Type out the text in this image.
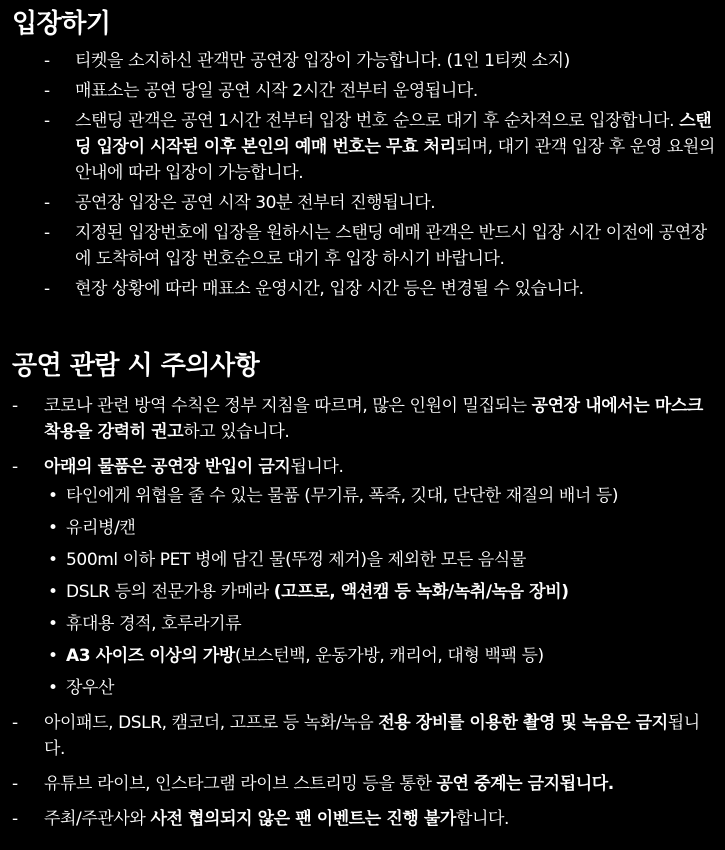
입장하기
- 티켓을 소지하신 관객만 공연장 입장이 가능합니다. (1인 1티켓 소지)
- 매표소는 공연 당일 공연 시작 2시간 전부터 운영됩니다.
- 스탠딩 관객은 공연 1시간 전부터 입장 번호 순으로 대기 후 순차적으로 입장합니다. 스탠딩 입장이 시작된 이후 본인의 예매 번호는 무효 처리되며, 대기 관객 입장 후 운영 요원의 안내에 따라 입장이 가능합니다.
- 공연장 입장은 공연 시작 30분 전부터 진행됩니다.
- 지정된 입장번호에 입장을 원하시는 스탠딩 예매 관객은 반드시 입장 시간 이전에 공연장에 도착하여 입장 번호순으로 대기 후 입장 하시기 바랍니다.
- 현장 상황에 따라 매표소 운영시간, 입장 시간 등은 변경될 수 있습니다.
공연 관람 시 주의사항
- 코로나 관련 방역 수칙은 정부 지침을 따르며, 많은 인원이 밀집되는 공연장 내에서는 마스크 착용을 강력히 권고하고 있습니다.
- 아래의 물품은 공연장 반입이 금지됩니다.
• 타인에게 위협을 줄 수 있는 물품 (무기류, 폭죽, 깃대, 단단한 재질의 배너 등)
• 유리병/캔
• 500ml 이하 PET 병에 담긴 물(뚜껑 제거)을 제외한 모든 음식물
• DSLR 등의 전문가용 카메라 (고프로, 액션캠 등 녹화/녹취/녹음 장비)
• 휴대용 경적, 호루라기류
• A3 사이즈 이상의 가방(보스턴백, 운동가방, 캐리어, 대형 백팩 등)
• 장우산
- 아이패드, DSLR, 캠코더, 고프로 등 녹화/녹음 전용 장비를 이용한 촬영 및 녹음은 금지됩니다.
- 유튜브 라이브, 인스타그램 라이브 스트리밍 등을 통한 공연 중계는 금지됩니다.
- 주최/주관사와 사전 협의되지 않은 팬 이벤트는 진행 불가합니다.
